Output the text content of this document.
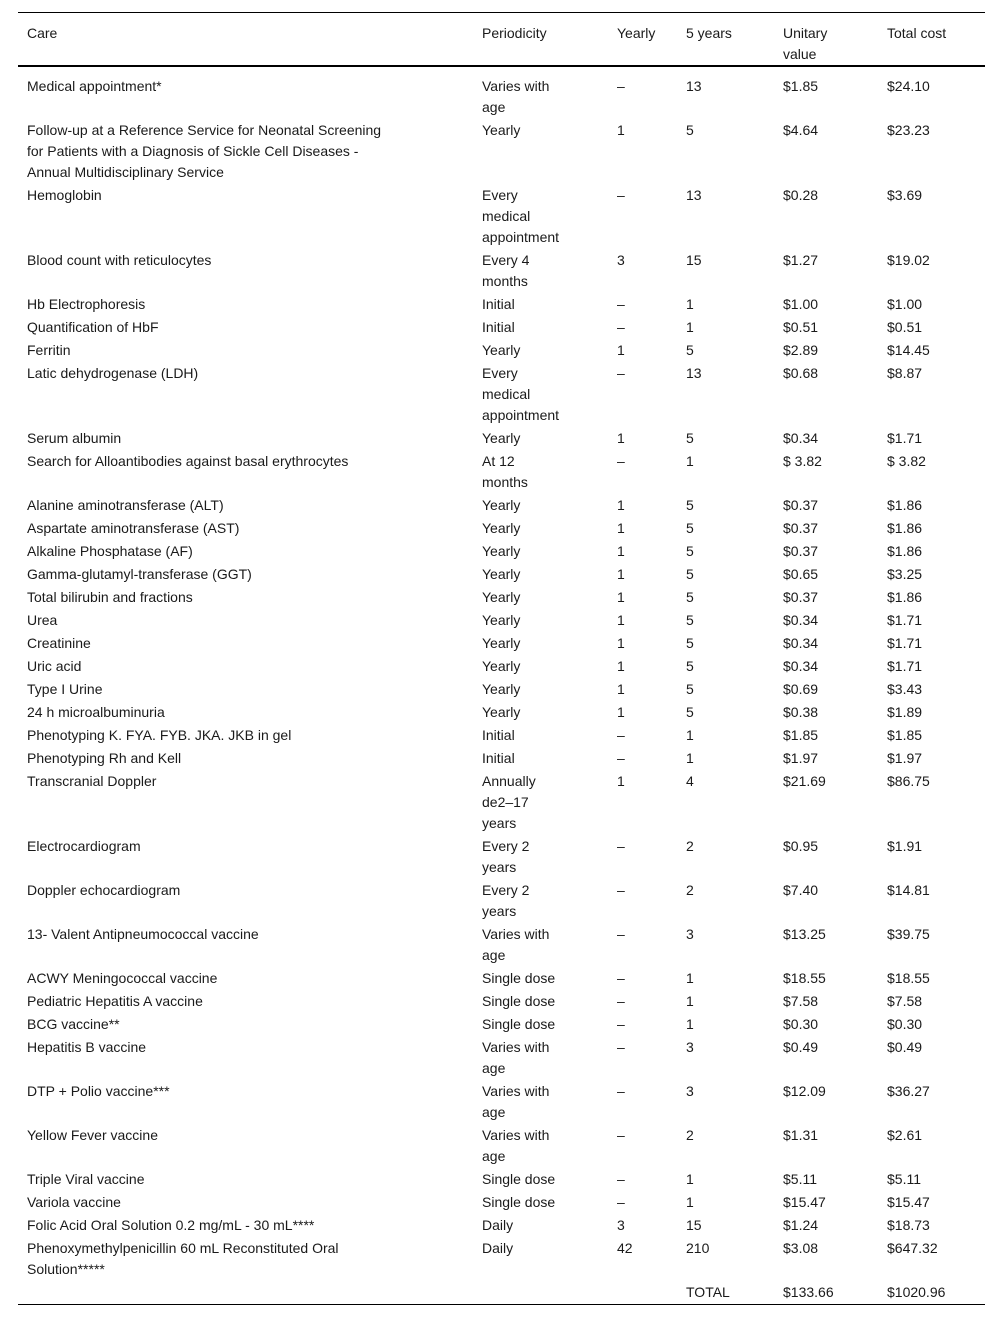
Care	Periodicity	Yearly	5 years	Unitary value	Total cost

Medical appointment*	Varies with age	–	13	$1.85	$24.10

Follow-up at a Reference Service for Neonatal Screening for Patients with a Diagnosis of Sickle Cell Diseases - Annual Multidisciplinary Service	Yearly	1	5	$4.64	$23.23

Hemoglobin	Every medical appointment	–	13	$0.28	$3.69

Blood count with reticulocytes	Every 4 months	3	15	$1.27	$19.02

Hb Electrophoresis	Initial	–	1	$1.00	$1.00

Quantification of HbF	Initial	–	1	$0.51	$0.51

Ferritin	Yearly	1	5	$2.89	$14.45

Latic dehydrogenase (LDH)	Every medical appointment	–	13	$0.68	$8.87

Serum albumin	Yearly	1	5	$0.34	$1.71

Search for Alloantibodies against basal erythrocytes	At 12 months	–	1	$ 3.82	$ 3.82

Alanine aminotransferase (ALT)	Yearly	1	5	$0.37	$1.86

Aspartate aminotransferase (AST)	Yearly	1	5	$0.37	$1.86

Alkaline Phosphatase (AF)	Yearly	1	5	$0.37	$1.86

Gamma-glutamyl-transferase (GGT)	Yearly	1	5	$0.65	$3.25

Total bilirubin and fractions	Yearly	1	5	$0.37	$1.86

Urea	Yearly	1	5	$0.34	$1.71

Creatinine	Yearly	1	5	$0.34	$1.71

Uric acid	Yearly	1	5	$0.34	$1.71

Type I Urine	Yearly	1	5	$0.69	$3.43

24 h microalbuminuria	Yearly	1	5	$0.38	$1.89

Phenotyping K. FYA. FYB. JKA. JKB in gel	Initial	–	1	$1.85	$1.85

Phenotyping Rh and Kell	Initial	–	1	$1.97	$1.97

Transcranial Doppler	Annually de2–17 years	1	4	$21.69	$86.75

Electrocardiogram	Every 2 years	–	2	$0.95	$1.91

Doppler echocardiogram	Every 2 years	–	2	$7.40	$14.81

13- Valent Antipneumococcal vaccine	Varies with age	–	3	$13.25	$39.75

ACWY Meningococcal vaccine	Single dose	–	1	$18.55	$18.55

Pediatric Hepatitis A vaccine	Single dose	–	1	$7.58	$7.58

BCG vaccine**	Single dose	–	1	$0.30	$0.30

Hepatitis B vaccine	Varies with age	–	3	$0.49	$0.49

DTP + Polio vaccine***	Varies with age	–	3	$12.09	$36.27

Yellow Fever vaccine	Varies with age	–	2	$1.31	$2.61

Triple Viral vaccine	Single dose	–	1	$5.11	$5.11

Variola vaccine	Single dose	–	1	$15.47	$15.47

Folic Acid Oral Solution 0.2 mg/mL - 30 mL****	Daily	3	15	$1.24	$18.73

Phenoxymethylpenicillin 60 mL Reconstituted Oral Solution*****	Daily	42	210	$3.08	$647.32

			TOTAL	$133.66	$1020.96
